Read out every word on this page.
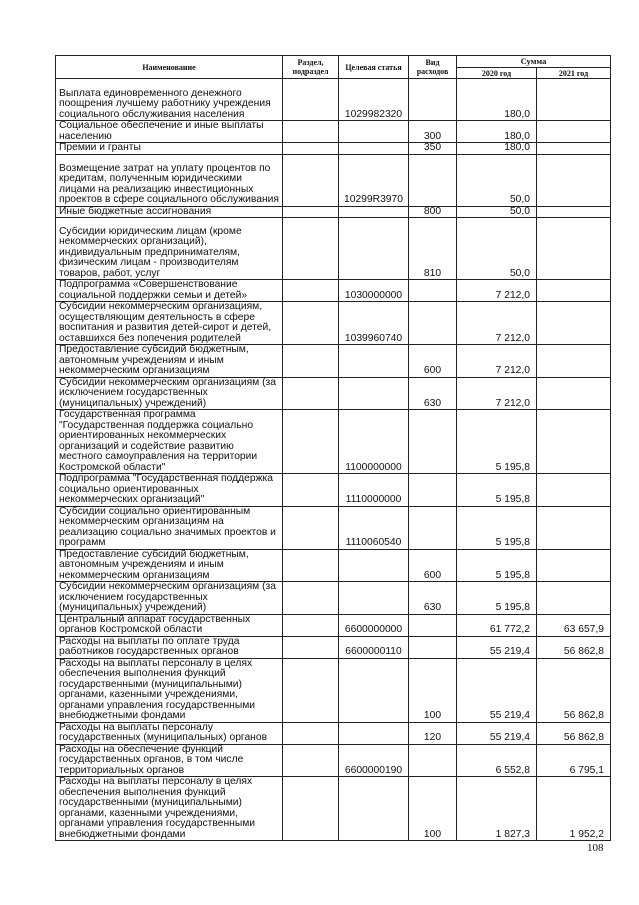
Наименование	Раздел, подраздел	Целевая статья	Вид расходов	Сумма	
				2020 год	2021 год
Выплата единовременного денежного поощрения лучшему работнику учреждения социального обслуживания населения		1029982320		180,0	
Социальное обеспечение и иные выплаты населению			300	180,0	
Премии и гранты			350	180,0	
Возмещение затрат на уплату процентов по кредитам, полученным юридическими лицами на реализацию инвестиционных проектов в сфере социального обслуживания		10299R3970		50,0	
Иные бюджетные ассигнования			800	50,0	
Субсидии юридическим лицам (кроме некоммерческих организаций), индивидуальным предпринимателям, физическим лицам - производителям товаров, работ, услуг			810	50,0	
Подпрограмма «Совершенствование социальной поддержки семьи и детей»		1030000000		7 212,0	
Субсидии некоммерческим организациям, осуществляющим деятельность в сфере воспитания и развития детей-сирот и детей, оставшихся без попечения родителей		1039960740		7 212,0	
Предоставление субсидий бюджетным, автономным учреждениям и иным некоммерческим организациям			600	7 212,0	
Субсидии некоммерческим организациям (за исключением государственных (муниципальных) учреждений)			630	7 212,0	
Государственная программа "Государственная поддержка социально ориентированных некоммерческих организаций и содействие развитию местного самоуправления на территории Костромской области"		1100000000		5 195,8	
Подпрограмма "Государственная поддержка социально ориентированных некоммерческих организаций"		1110000000		5 195,8	
Субсидии социально ориентированным некоммерческим организациям на реализацию социально значимых проектов и программ		1110060540		5 195,8	
Предоставление субсидий бюджетным, автономным учреждениям и иным некоммерческим организациям			600	5 195,8	
Субсидии некоммерческим организациям (за исключением государственных (муниципальных) учреждений)			630	5 195,8	
Центральный аппарат государственных органов Костромской области		6600000000		61 772,2	63 657,9
Расходы на выплаты по оплате труда работников государственных органов		6600000110		55 219,4	56 862,8
Расходы на выплаты персоналу в целях обеспечения выполнения функций государственными (муниципальными) органами, казенными учреждениями, органами управления государственными внебюджетными фондами			100	55 219,4	56 862,8
Расходы на выплаты персоналу государственных (муниципальных) органов			120	55 219,4	56 862,8
Расходы на обеспечение функций государственных органов, в том числе территориальных органов		6600000190		6 552,8	6 795,1
Расходы на выплаты персоналу в целях обеспечения выполнения функций государственными (муниципальными) органами, казенными учреждениями, органами управления государственными внебюджетными фондами			100	1 827,3	1 952,2
108
